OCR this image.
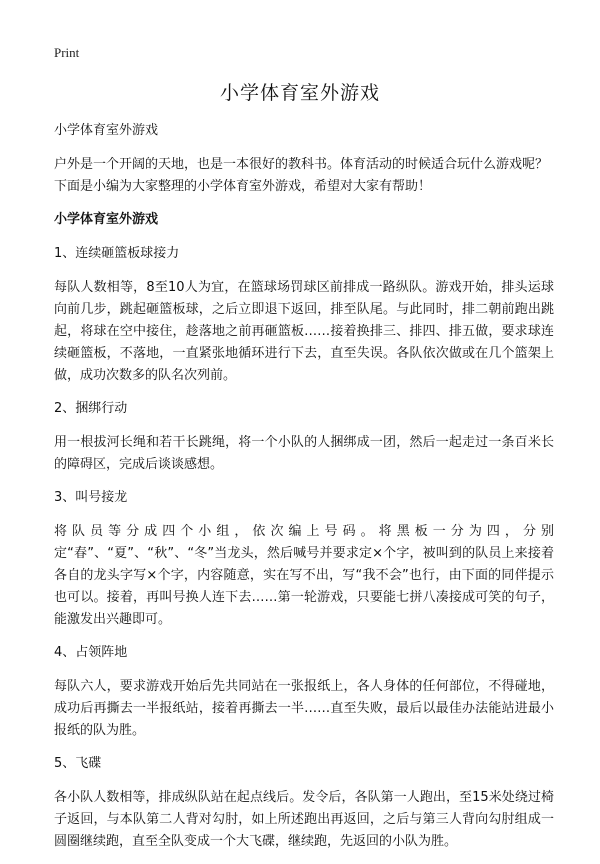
Print
小学体育室外游戏

小学体育室外游戏

户外是一个开阔的天地，也是一本很好的教科书。体育活动的时候适合玩什么游戏呢？下面是小编为大家整理的小学体育室外游戏，希望对大家有帮助！

小学体育室外游戏

1、连续砸篮板球接力

每队人数相等，8至10人为宜，在篮球场罚球区前排成一路纵队。游戏开始，排头运球向前几步，跳起砸篮板球，之后立即退下返回，排至队尾。与此同时，排二朝前跑出跳起，将球在空中接住，趁落地之前再砸篮板……接着换排三、排四、排五做，要求球连续砸篮板，不落地，一直紧张地循环进行下去，直至失误。各队依次做或在几个篮架上做，成功次数多的队名次列前。

2、捆绑行动

用一根拔河长绳和若干长跳绳，将一个小队的人捆绑成一团，然后一起走过一条百米长的障碍区，完成后谈谈感想。

3、叫号接龙

将队员等分成四个小组，依次编上号码。将黑板一分为四，分别定“春”、“夏”、“秋”、“冬”当龙头，然后喊号并要求定×个字，被叫到的队员上来接着各自的龙头字写×个字，内容随意，实在写不出，写“我不会”也行，由下面的同伴提示也可以。接着，再叫号换人连下去……第一轮游戏，只要能七拼八凑接成可笑的句子，能激发出兴趣即可。

4、占领阵地

每队六人，要求游戏开始后先共同站在一张报纸上，各人身体的任何部位，不得碰地，成功后再撕去一半报纸站，接着再撕去一半……直至失败，最后以最佳办法能站进最小报纸的队为胜。

5、飞碟

各小队人数相等，排成纵队站在起点线后。发令后，各队第一人跑出，至15米处绕过椅子返回，与本队第二人背对勾肘，如上所述跑出再返回，之后与第三人背向勾肘组成一圆圈继续跑，直至全队变成一个大飞碟，继续跑，先返回的小队为胜。
